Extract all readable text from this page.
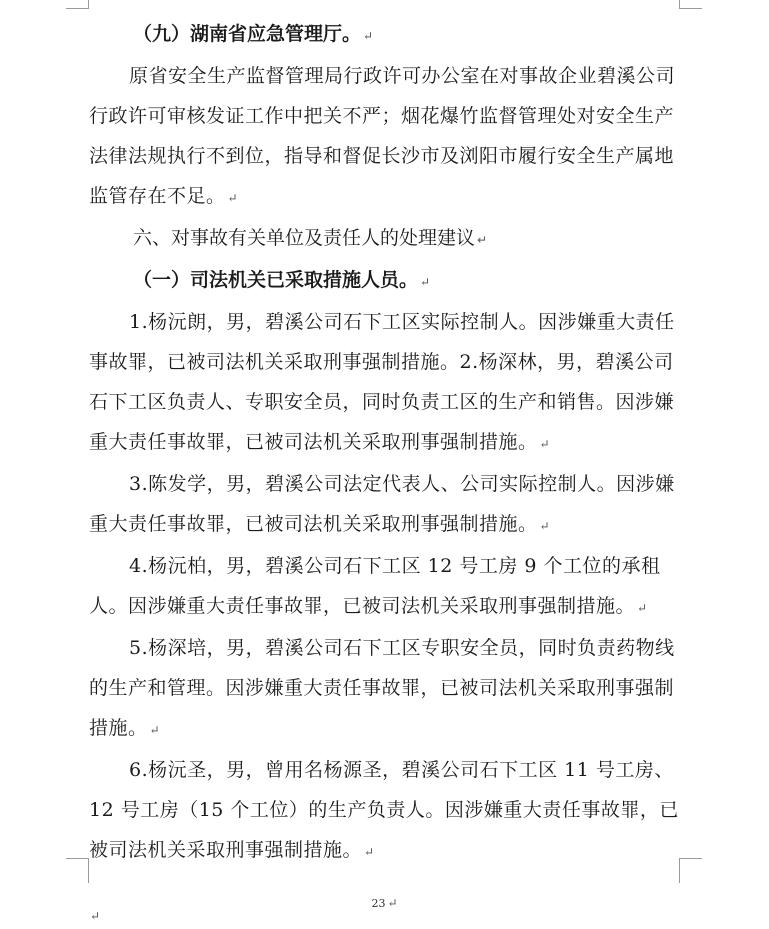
（九）湖南省应急管理厅。 ↵

原省安全生产监督管理局行政许可办公室在对事故企业碧溪公司行政许可审核发证工作中把关不严；烟花爆竹监督管理处对安全生产法律法规执行不到位，指导和督促长沙市及浏阳市履行安全生产属地监管存在不足。 ↵

六、对事故有关单位及责任人的处理建议 ↵

（一）司法机关已采取措施人员。 ↵

1.杨沅朗，男，碧溪公司石下工区实际控制人。因涉嫌重大责任事故罪，已被司法机关采取刑事强制措施。2.杨深林，男，碧溪公司石下工区负责人、专职安全员，同时负责工区的生产和销售。因涉嫌重大责任事故罪，已被司法机关采取刑事强制措施。 ↵

3.陈发学，男，碧溪公司法定代表人、公司实际控制人。因涉嫌重大责任事故罪，已被司法机关采取刑事强制措施。 ↵

4.杨沅柏，男，碧溪公司石下工区 12 号工房 9 个工位的承租人。因涉嫌重大责任事故罪，已被司法机关采取刑事强制措施。 ↵

5.杨深培，男，碧溪公司石下工区专职安全员，同时负责药物线的生产和管理。因涉嫌重大责任事故罪，已被司法机关采取刑事强制措施。 ↵

6.杨沅圣，男，曾用名杨源圣，碧溪公司石下工区 11 号工房、12 号工房（15 个工位）的生产负责人。因涉嫌重大责任事故罪，已被司法机关采取刑事强制措施。 ↵

23 ↵
↵
